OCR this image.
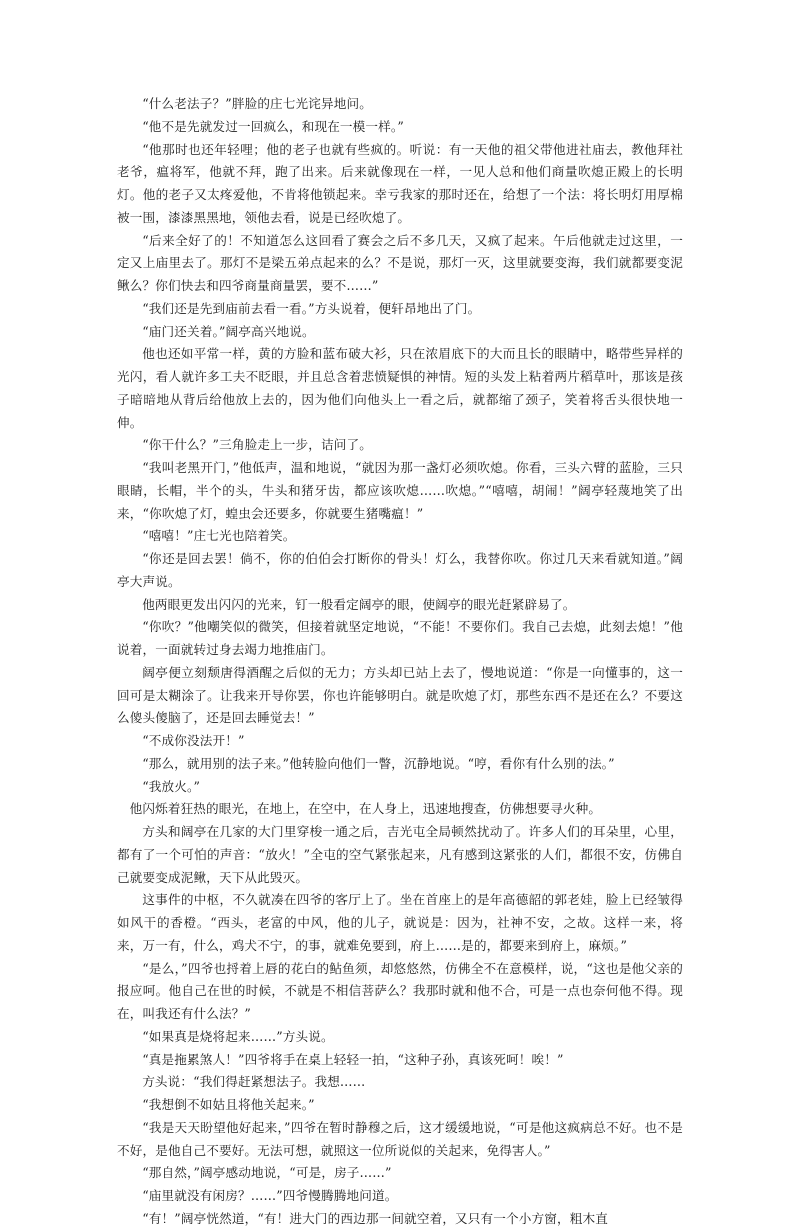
“什么老法子？”胖脸的庄七光诧异地问。

“他不是先就发过一回疯么，和现在一模一样。”

“他那时也还年轻哩；他的老子也就有些疯的。听说：有一天他的祖父带他进社庙去，教他拜社老爷，瘟将军，他就不拜，跑了出来。后来就像现在一样，一见人总和他们商量吹熄正殿上的长明灯。他的老子又太疼爱他，不肯将他锁起来。幸亏我家的那时还在，给想了一个法：将长明灯用厚棉被一围，漆漆黑黑地，领他去看，说是已经吹熄了。

“后来全好了的！不知道怎么这回看了赛会之后不多几天，又疯了起来。午后他就走过这里，一定又上庙里去了。那灯不是梁五弟点起来的么？不是说，那灯一灭，这里就要变海，我们就都要变泥鳅么？你们快去和四爷商量商量罢，要不……”

“我们还是先到庙前去看一看。”方头说着，便轩昂地出了门。

“庙门还关着。”阔亭高兴地说。

他也还如平常一样，黄的方脸和蓝布破大衫，只在浓眉底下的大而且长的眼睛中，略带些异样的光闪，看人就许多工夫不眨眼，并且总含着悲愤疑惧的神情。短的头发上粘着两片稻草叶，那该是孩子暗暗地从背后给他放上去的，因为他们向他头上一看之后，就都缩了颈子，笑着将舌头很快地一伸。

“你干什么？”三角脸走上一步，诘问了。

“我叫老黑开门，”他低声，温和地说，“就因为那一盏灯必须吹熄。你看，三头六臂的蓝脸，三只眼睛，长帽，半个的头，牛头和猪牙齿，都应该吹熄……吹熄。”“嘻嘻，胡闹！”阔亭轻蔑地笑了出来，“你吹熄了灯，蝗虫会还要多，你就要生猪嘴瘟！”

“嘻嘻！”庄七光也陪着笑。

“你还是回去罢！倘不，你的伯伯会打断你的骨头！灯么，我替你吹。你过几天来看就知道。”阔亭大声说。

他两眼更发出闪闪的光来，钉一般看定阔亭的眼，使阔亭的眼光赶紧辟易了。

“你吹？”他嘲笑似的微笑，但接着就坚定地说，“不能！不要你们。我自己去熄，此刻去熄！”他说着，一面就转过身去竭力地推庙门。

阔亭便立刻颓唐得酒醒之后似的无力；方头却已站上去了，慢地说道：“你是一向懂事的，这一回可是太糊涂了。让我来开导你罢，你也许能够明白。就是吹熄了灯，那些东西不是还在么？不要这么傻头傻脑了，还是回去睡觉去！”

“不成你没法开！”

“那么，就用别的法子来。”他转脸向他们一瞥，沉静地说。“哼，看你有什么别的法。”

“我放火。”

他闪烁着狂热的眼光，在地上，在空中，在人身上，迅速地搜查，仿佛想要寻火种。

方头和阔亭在几家的大门里穿梭一通之后，吉光屯全局顿然扰动了。许多人们的耳朵里，心里，都有了一个可怕的声音：“放火！”全屯的空气紧张起来，凡有感到这紧张的人们，都很不安，仿佛自己就要变成泥鳅，天下从此毁灭。

这事件的中枢，不久就凑在四爷的客厅上了。坐在首座上的是年高德韶的郭老娃，脸上已经皱得如风干的香橙。“西头，老富的中风，他的儿子，就说是：因为，社神不安，之故。这样一来，将来，万一有，什么，鸡犬不宁，的事，就难免要到，府上……是的，都要来到府上，麻烦。”

“是么，”四爷也捋着上唇的花白的鲇鱼须，却悠悠然，仿佛全不在意模样，说，“这也是他父亲的报应呵。他自己在世的时候，不就是不相信菩萨么？我那时就和他不合，可是一点也奈何他不得。现在，叫我还有什么法？”

“如果真是烧将起来……”方头说。

“真是拖累煞人！”四爷将手在桌上轻轻一拍，“这种子孙，真该死呵！唉！”

方头说：“我们得赶紧想法子。我想……

“我想倒不如姑且将他关起来。”

“我是天天盼望他好起来，”四爷在暂时静穆之后，这才缓缓地说，“可是他这疯病总不好。也不是不好，是他自己不要好。无法可想，就照这一位所说似的关起来，免得害人。”

“那自然，”阔亭感动地说，“可是，房子……”

“庙里就没有闲房？……”四爷慢腾腾地问道。

“有！”阔亭恍然道，“有！进大门的西边那一间就空着，又只有一个小方窗，粗木直
